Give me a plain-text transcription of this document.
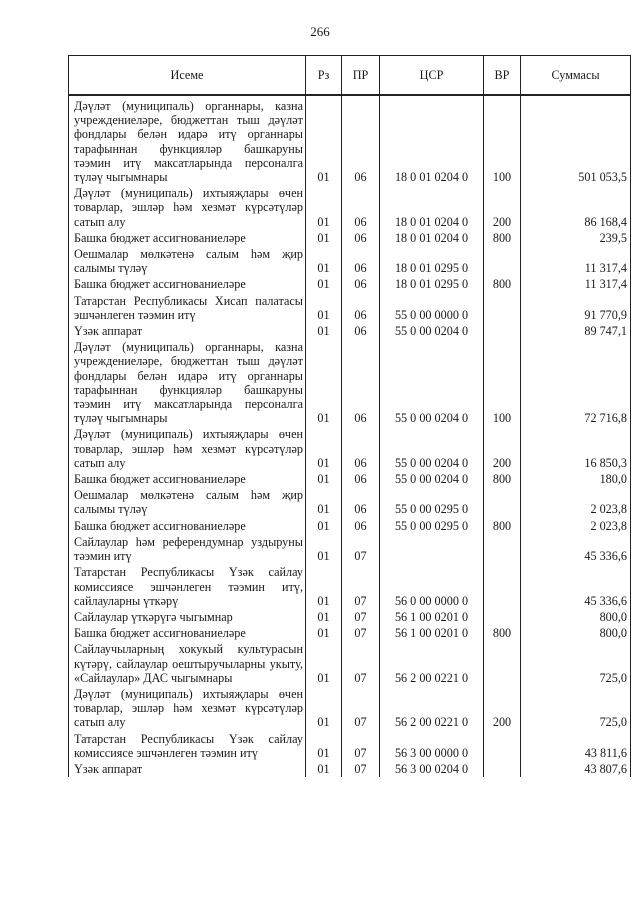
266
Исеме	Рз	ПР	ЦСР	ВР	Суммасы
Дәүләт (муниципаль) органнары, казна учреждениеләре, бюджеттан тыш дәүләт фондлары белән идарә итү органнары тарафыннан функцияләр башкаруны тәэмин итү максатларында персоналга түләү чыгымнары	01	06	18 0 01 0204 0	100	501 053,5
Дәүләт (муниципаль) ихтыяҗлары өчен товарлар, эшләр һәм хезмәт күрсәтүләр сатып алу	01	06	18 0 01 0204 0	200	86 168,4
Башка бюджет ассигнованиеләре	01	06	18 0 01 0204 0	800	239,5
Оешмалар мөлкәтенә салым һәм җир салымы түләү	01	06	18 0 01 0295 0		11 317,4
Башка бюджет ассигнованиеләре	01	06	18 0 01 0295 0	800	11 317,4
Татарстан Республикасы Хисап палатасы эшчәнлеген тәэмин итү	01	06	55 0 00 0000 0		91 770,9
Үзәк аппарат	01	06	55 0 00 0204 0		89 747,1
Дәүләт (муниципаль) органнары, казна учреждениеләре, бюджеттан тыш дәүләт фондлары белән идарә итү органнары тарафыннан функцияләр башкаруны тәэмин итү максатларында персоналга түләү чыгымнары	01	06	55 0 00 0204 0	100	72 716,8
Дәүләт (муниципаль) ихтыяҗлары өчен товарлар, эшләр һәм хезмәт күрсәтүләр сатып алу	01	06	55 0 00 0204 0	200	16 850,3
Башка бюджет ассигнованиеләре	01	06	55 0 00 0204 0	800	180,0
Оешмалар мөлкәтенә салым һәм җир салымы түләү	01	06	55 0 00 0295 0		2 023,8
Башка бюджет ассигнованиеләре	01	06	55 0 00 0295 0	800	2 023,8
Сайлаулар һәм референдумнар уздыруны тәэмин итү	01	07			45 336,6
Татарстан Республикасы Үзәк сайлау комиссиясе эшчәнлеген тәэмин итү, сайлауларны үткәрү	01	07	56 0 00 0000 0		45 336,6
Сайлаулар үткәрүгә чыгымнар	01	07	56 1 00 0201 0		800,0
Башка бюджет ассигнованиеләре	01	07	56 1 00 0201 0	800	800,0
Сайлаучыларның хокукый культурасын күтәрү, сайлаулар оештыручыларны укыту, «Сайлаулар» ДАС чыгымнары	01	07	56 2 00 0221 0		725,0
Дәүләт (муниципаль) ихтыяҗлары өчен товарлар, эшләр һәм хезмәт күрсәтүләр сатып алу	01	07	56 2 00 0221 0	200	725,0
Татарстан Республикасы Үзәк сайлау комиссиясе эшчәнлеген тәэмин итү	01	07	56 3 00 0000 0		43 811,6
Үзәк аппарат	01	07	56 3 00 0204 0		43 807,6
